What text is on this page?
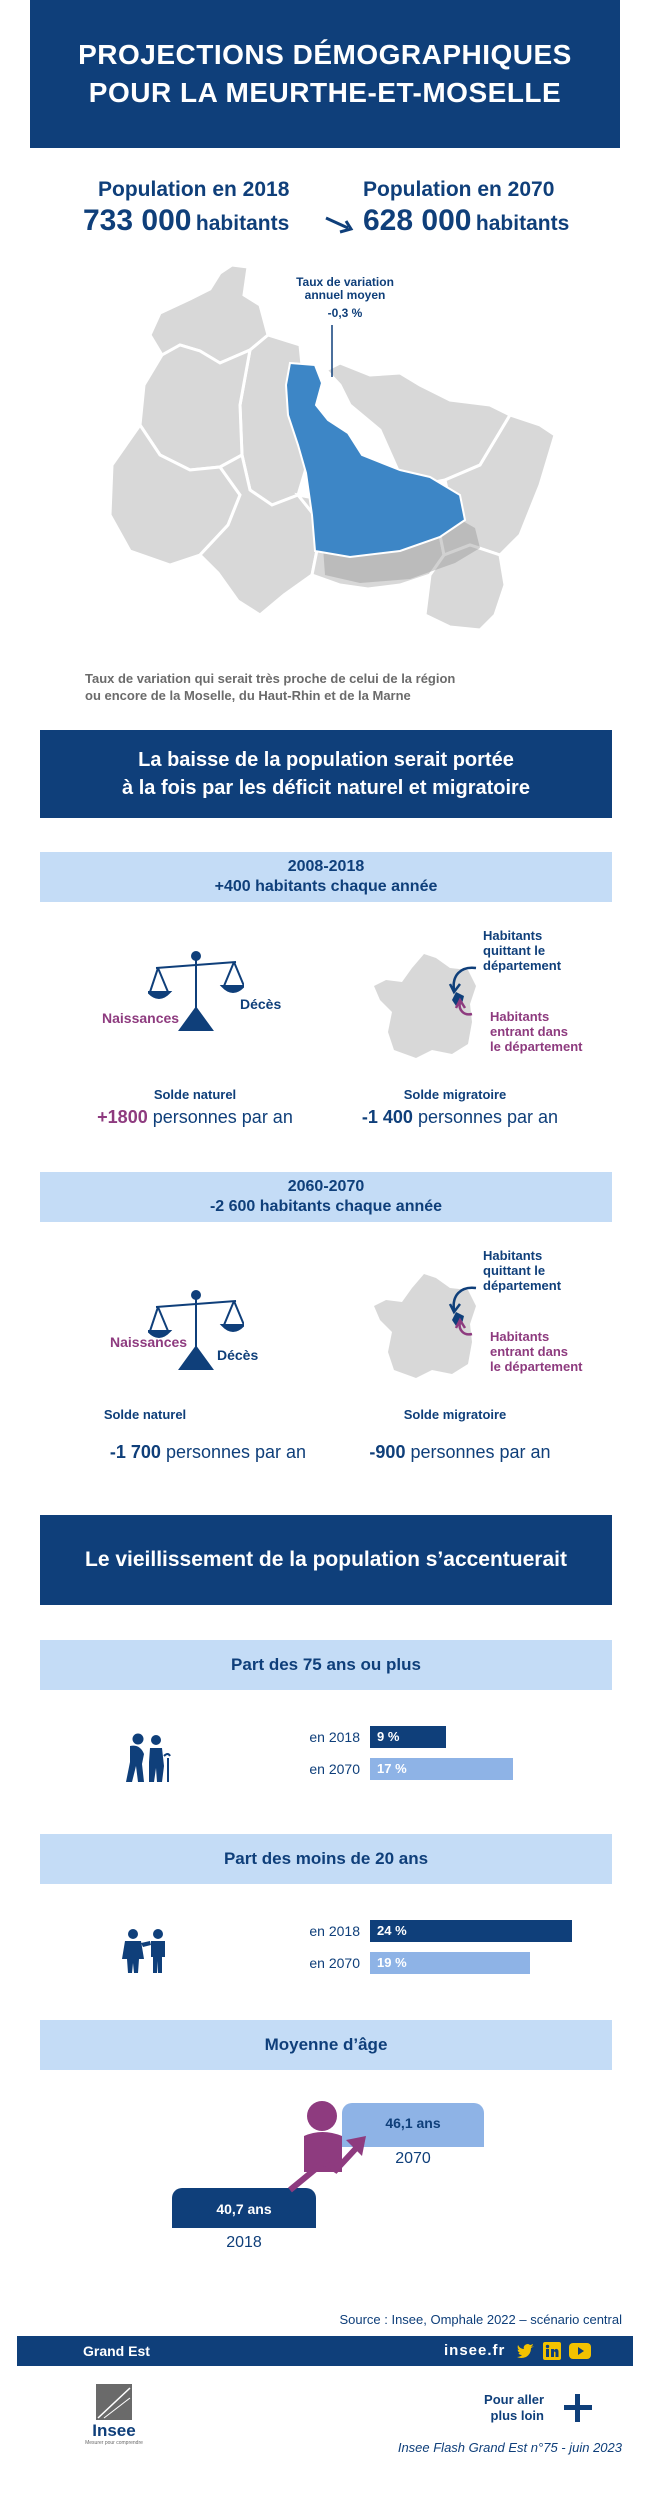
PROJECTIONS DÉMOGRAPHIQUES
POUR LA MEURTHE-ET-MOSELLE
Population en 2018
733 000 habitants
Population en 2070
628 000 habitants
Taux de variation
annuel moyen
-0,3 %
Taux de variation qui serait très proche de celui de la région
ou encore de la Moselle, du Haut-Rhin et de la Marne
La baisse de la population serait portée
à la fois par les déficit naturel et migratoire
2008-2018
+400 habitants chaque année
Naissances
Décès
Habitants
quittant le
département
Habitants
entrant dans
le département
Solde naturel
+1800 personnes par an
Solde migratoire
-1 400 personnes par an
2060-2070
-2 600 habitants chaque année
Naissances
Décès
Habitants
quittant le
département
Habitants
entrant dans
le département
Solde naturel
-1 700 personnes par an
Solde migratoire
-900 personnes par an
Le vieillissement de la population s’accentuerait
Part des 75 ans ou plus
en 2018	9 %
en 2070	17 %
Part des moins de 20 ans
en 2018	24 %
en 2070	19 %
Moyenne d’âge
46,1 ans
2070
40,7 ans
2018
Source : Insee, Omphale 2022 – scénario central
Grand Est	insee.fr
Insee
Mesurer pour comprendre
Pour aller
plus loin
Insee Flash Grand Est n°75 - juin 2023
